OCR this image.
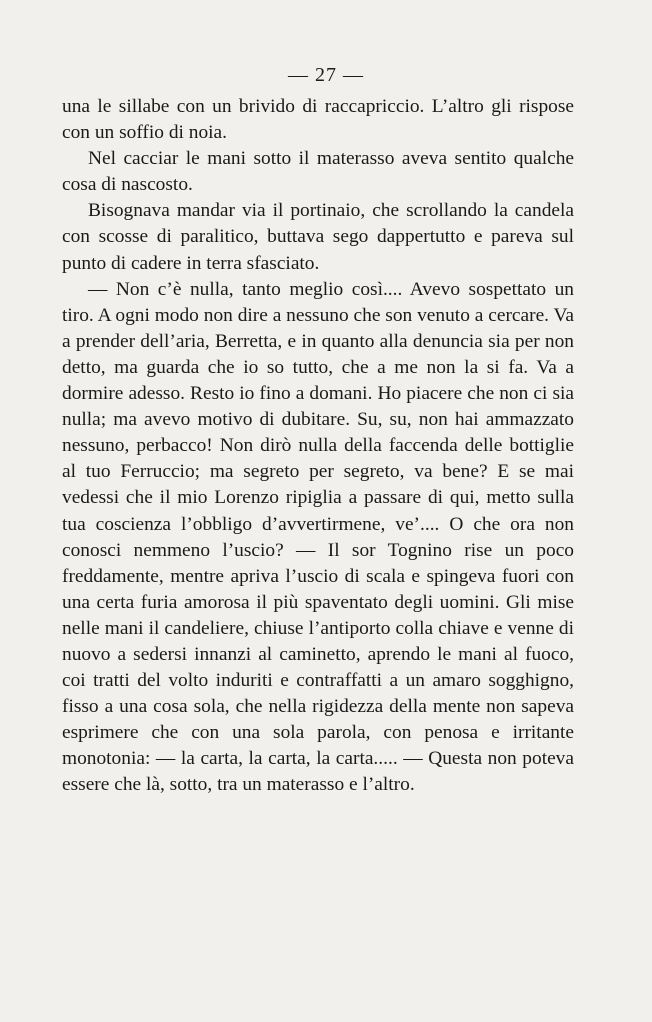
— 27 —

una le sillabe con un brivido di raccapriccio. L’altro gli rispose con un soffio di noia.

Nel cacciar le mani sotto il materasso aveva sentito qualche cosa di nascosto.

Bisognava mandar via il portinaio, che scrollando la candela con scosse di paralitico, buttava sego dappertutto e pareva sul punto di cadere in terra sfasciato.

— Non c’è nulla, tanto meglio così.... Avevo sospettato un tiro. A ogni modo non dire a nessuno che son venuto a cercare. Va a prender dell’aria, Berretta, e in quanto alla denuncia sia per non detto, ma guarda che io so tutto, che a me non la si fa. Va a dormire adesso. Resto io fino a domani. Ho piacere che non ci sia nulla; ma avevo motivo di dubitare. Su, su, non hai ammazzato nessuno, perbacco! Non dirò nulla della faccenda delle bottiglie al tuo Ferruccio; ma segreto per segreto, va bene? E se mai vedessi che il mio Lorenzo ripiglia a passare di qui, metto sulla tua coscienza l’obbligo d’avvertirmene, ve’.... O che ora non conosci nemmeno l’uscio? — Il sor Tognino rise un poco freddamente, mentre apriva l’uscio di scala e spingeva fuori con una certa furia amorosa il più spaventato degli uomini. Gli mise nelle mani il candeliere, chiuse l’antiporto colla chiave e venne di nuovo a sedersi innanzi al caminetto, aprendo le mani al fuoco, coi tratti del volto induriti e contraffatti a un amaro sogghigno, fisso a una cosa sola, che nella rigidezza della mente non sapeva esprimere che con una sola parola, con penosa e irritante monotonia: — la carta, la carta, la carta..... — Questa non poteva essere che là, sotto, tra un materasso e l’altro.
